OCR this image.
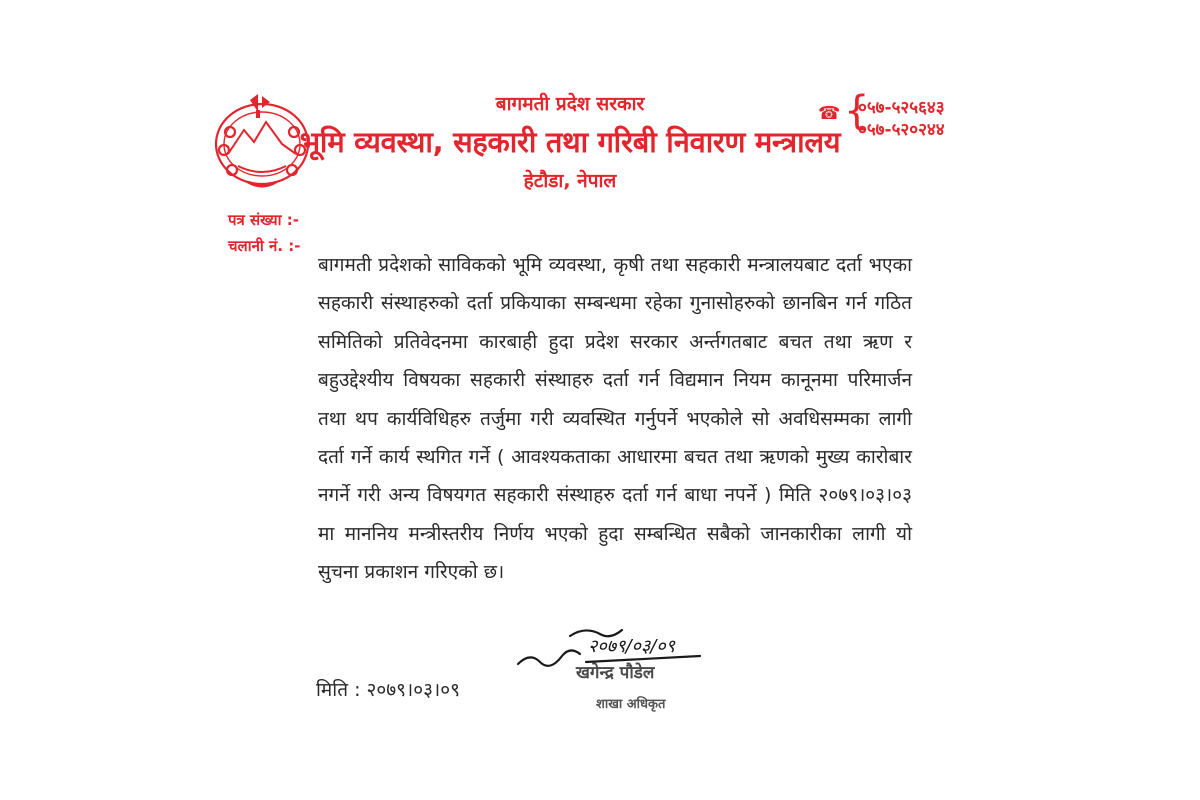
बागमती प्रदेश सरकार
भूमि व्यवस्था, सहकारी तथा गरिबी निवारण मन्त्रालय
हेटौडा, नेपाल
☎ {
०५७-५२५६४३
०५७-५२०२४४
पत्र संख्या :-
चलानी नं. :-
बागमती प्रदेशको साविकको भूमि व्यवस्था, कृषी तथा सहकारी मन्त्रालयबाट दर्ता भएका सहकारी संस्थाहरुको दर्ता प्रकियाका सम्बन्धमा रहेका गुनासोहरुको छानबिन गर्न गठित समितिको प्रतिवेदनमा कारबाही हुदा प्रदेश सरकार अर्न्तगतबाट बचत तथा ऋण र बहुउद्देश्यीय विषयका सहकारी संस्थाहरु दर्ता गर्न विद्यमान नियम कानूनमा परिमार्जन तथा थप कार्यविधिहरु तर्जुमा गरी व्यवस्थित गर्नुपर्ने भएकोले सो अवधिसम्मका लागी दर्ता गर्ने कार्य स्थगित गर्ने ( आवश्यकताका आधारमा बचत तथा ऋणको मुख्य कारोबार नगर्ने गरी अन्य विषयगत सहकारी संस्थाहरु दर्ता गर्न बाधा नपर्ने ) मिति २०७९।०३।०३ मा माननिय मन्त्रीस्तरीय निर्णय भएको हुदा सम्बन्धित सबैको जानकारीका लागी यो सुचना प्रकाशन गरिएको छ।
२०७९/०३/०९
खगेन्द्र पौडेल
शाखा अधिकृत
मिति : २०७९।०३।०९
